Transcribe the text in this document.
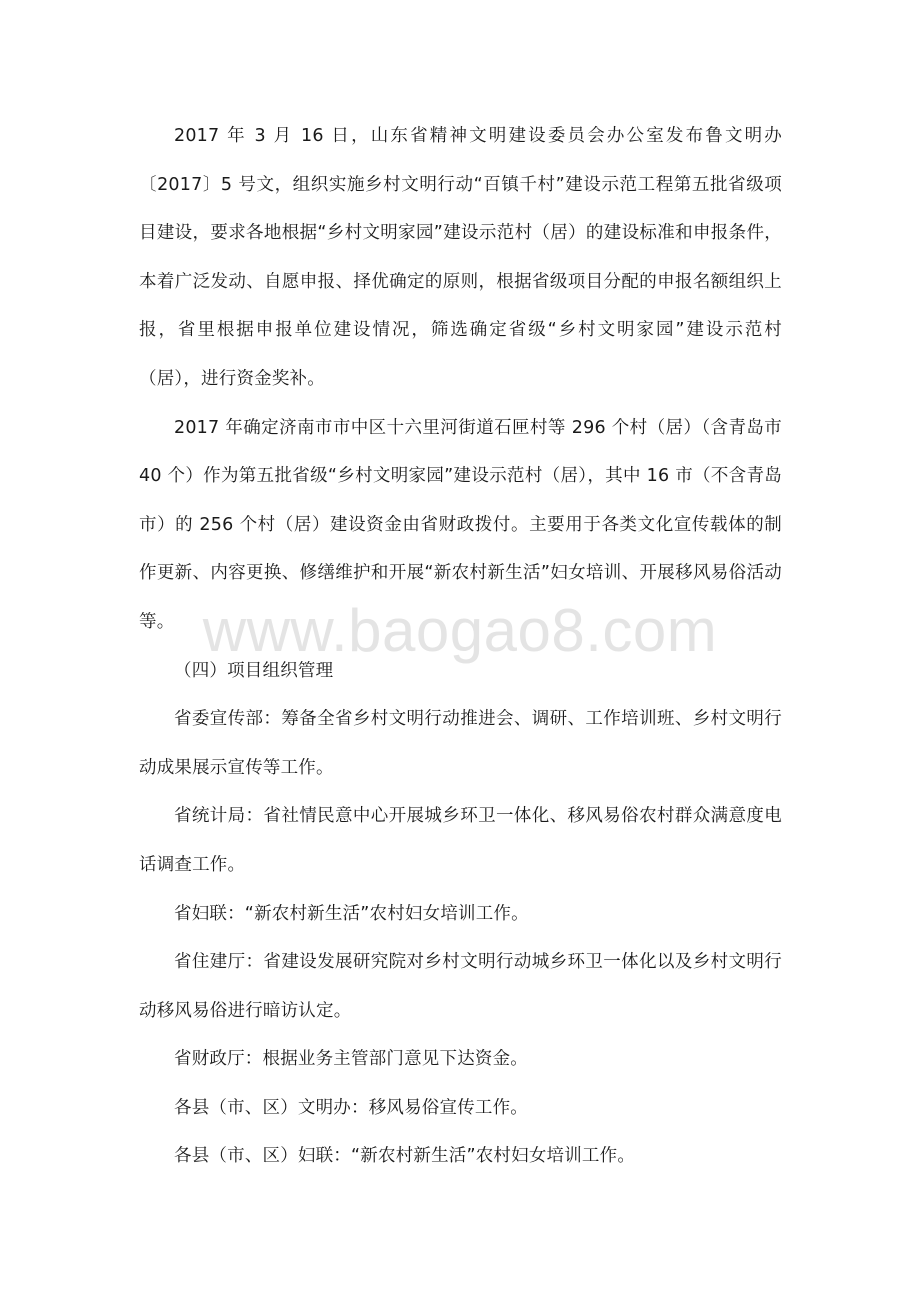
2017 年 3 月 16 日，山东省精神文明建设委员会办公室发布鲁文明办〔2017〕5 号文，组织实施乡村文明行动“百镇千村”建设示范工程第五批省级项目建设，要求各地根据“乡村文明家园”建设示范村（居）的建设标准和申报条件，本着广泛发动、自愿申报、择优确定的原则，根据省级项目分配的申报名额组织上报，省里根据申报单位建设情况，筛选确定省级“乡村文明家园”建设示范村（居），进行资金奖补。

2017 年确定济南市市中区十六里河街道石匣村等 296 个村（居）（含青岛市 40 个）作为第五批省级“乡村文明家园”建设示范村（居），其中 16 市（不含青岛市）的 256 个村（居）建设资金由省财政拨付。主要用于各类文化宣传载体的制作更新、内容更换、修缮维护和开展“新农村新生活”妇女培训、开展移风易俗活动等。

（四）项目组织管理

省委宣传部：筹备全省乡村文明行动推进会、调研、工作培训班、乡村文明行动成果展示宣传等工作。

省统计局：省社情民意中心开展城乡环卫一体化、移风易俗农村群众满意度电话调查工作。

省妇联：“新农村新生活”农村妇女培训工作。

省住建厅：省建设发展研究院对乡村文明行动城乡环卫一体化以及乡村文明行动移风易俗进行暗访认定。

省财政厅：根据业务主管部门意见下达资金。

各县（市、区）文明办：移风易俗宣传工作。

各县（市、区）妇联：“新农村新生活”农村妇女培训工作。

www.baogao8.com
